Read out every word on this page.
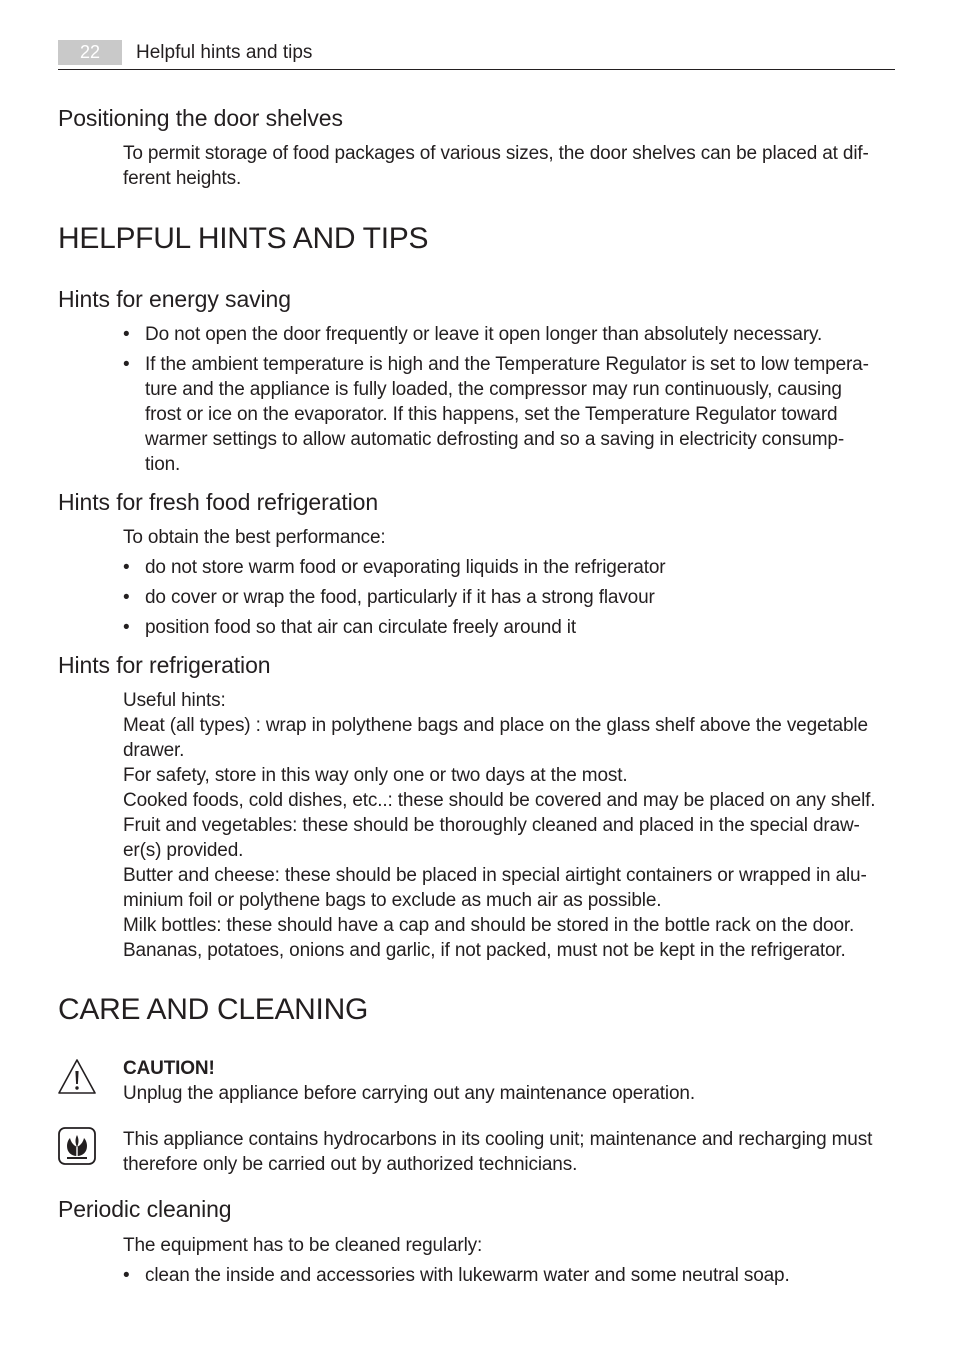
22	Helpful hints and tips
Positioning the door shelves

To permit storage of food packages of various sizes, the door shelves can be placed at dif-
ferent heights.

HELPFUL HINTS AND TIPS
Hints for energy saving
• Do not open the door frequently or leave it open longer than absolutely necessary.
• If the ambient temperature is high and the Temperature Regulator is set to low tempera-
ture and the appliance is fully loaded, the compressor may run continuously, causing
frost or ice on the evaporator. If this happens, set the Temperature Regulator toward
warmer settings to allow automatic defrosting and so a saving in electricity consump-
tion.
Hints for fresh food refrigeration

To obtain the best performance:

• do not store warm food or evaporating liquids in the refrigerator
• do cover or wrap the food, particularly if it has a strong flavour
• position food so that air can circulate freely around it
Hints for refrigeration

Useful hints:
Meat (all types) : wrap in polythene bags and place on the glass shelf above the vegetable
drawer.
For safety, store in this way only one or two days at the most.
Cooked foods, cold dishes, etc..: these should be covered and may be placed on any shelf.
Fruit and vegetables: these should be thoroughly cleaned and placed in the special draw-
er(s) provided.
Butter and cheese: these should be placed in special airtight containers or wrapped in alu-
minium foil or polythene bags to exclude as much air as possible.
Milk bottles: these should have a cap and should be stored in the bottle rack on the door.
Bananas, potatoes, onions and garlic, if not packed, must not be kept in the refrigerator.

CARE AND CLEANING

CAUTION!
Unplug the appliance before carrying out any maintenance operation.

This appliance contains hydrocarbons in its cooling unit; maintenance and recharging must
therefore only be carried out by authorized technicians.

Periodic cleaning

The equipment has to be cleaned regularly:

• clean the inside and accessories with lukewarm water and some neutral soap.
